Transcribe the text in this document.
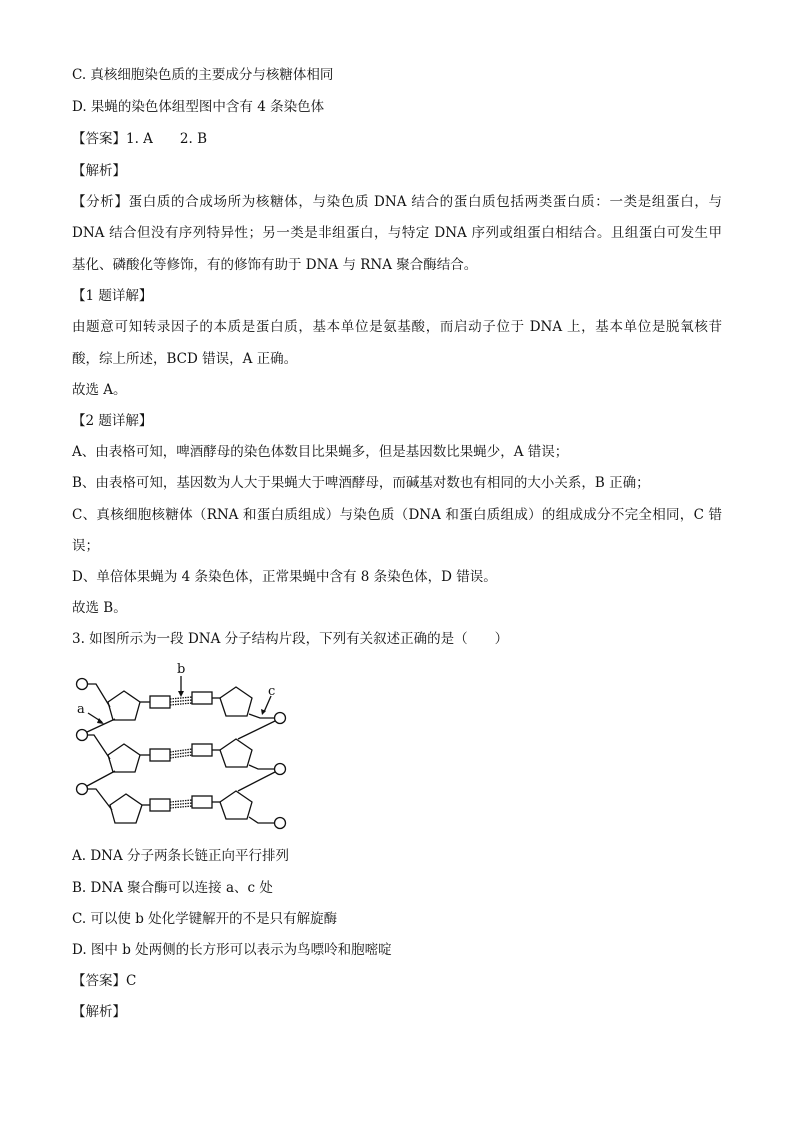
C. 真核细胞染色质的主要成分与核糖体相同
D. 果蝇的染色体组型图中含有 4 条染色体
【答案】1. A　　2. B
【解析】
【分析】蛋白质的合成场所为核糖体，与染色质 DNA 结合的蛋白质包括两类蛋白质：一类是组蛋白，与
DNA 结合但没有序列特异性；另一类是非组蛋白，与特定 DNA 序列或组蛋白相结合。且组蛋白可发生甲
基化、磷酸化等修饰，有的修饰有助于 DNA 与 RNA 聚合酶结合。
【1 题详解】
由题意可知转录因子的本质是蛋白质，基本单位是氨基酸，而启动子位于 DNA 上，基本单位是脱氧核苷
酸，综上所述，BCD 错误，A 正确。
故选 A。
【2 题详解】
A、由表格可知，啤酒酵母的染色体数目比果蝇多，但是基因数比果蝇少，A 错误；
B、由表格可知，基因数为人大于果蝇大于啤酒酵母，而碱基对数也有相同的大小关系，B 正确；
C、真核细胞核糖体（RNA 和蛋白质组成）与染色质（DNA 和蛋白质组成）的组成成分不完全相同，C 错
误；
D、单倍体果蝇为 4 条染色体，正常果蝇中含有 8 条染色体，D 错误。
故选 B。
3. 如图所示为一段 DNA 分子结构片段，下列有关叙述正确的是（　　）
b
a
c
A. DNA 分子两条长链正向平行排列
B. DNA 聚合酶可以连接 a、c 处
C. 可以使 b 处化学键解开的不是只有解旋酶
D. 图中 b 处两侧的长方形可以表示为鸟嘌呤和胞嘧啶
【答案】C
【解析】
